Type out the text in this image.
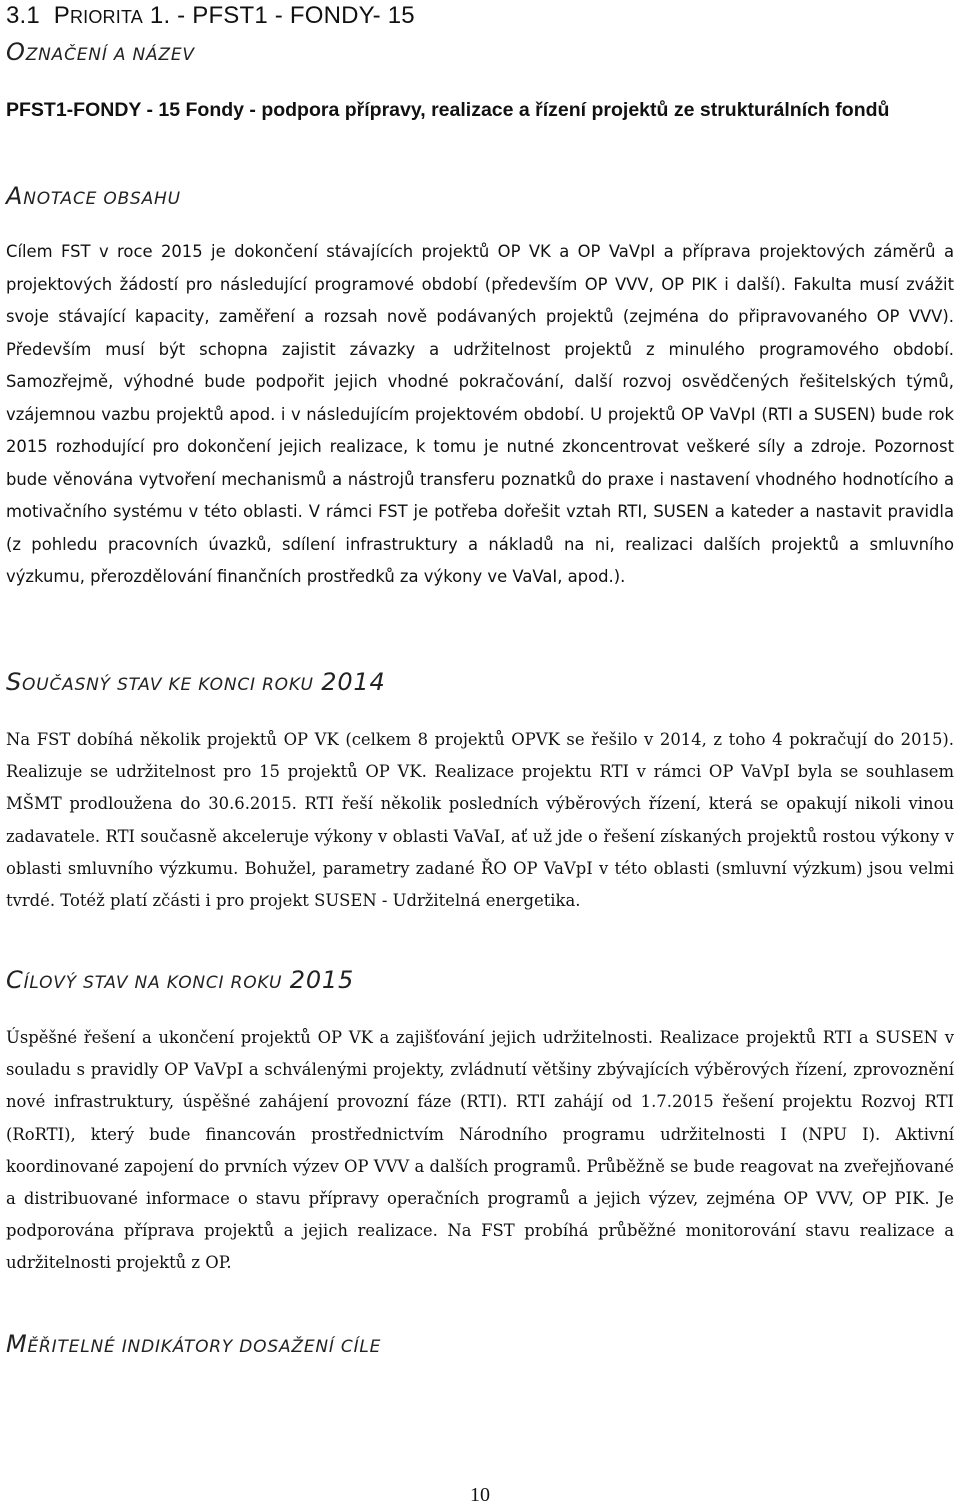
3.1 PRIORITA 1. - PFST1 - FONDY- 15
OZNAČENÍ A NÁZEV
PFST1-FONDY - 15 Fondy - podpora přípravy, realizace a řízení projektů ze strukturálních fondů
ANOTACE OBSAHU
Cílem FST v roce 2015 je dokončení stávajících projektů OP VK a OP VaVpI a příprava projektových záměrů a projektových žádostí pro následující programové období (především OP VVV, OP PIK i další). Fakulta musí zvážit svoje stávající kapacity, zaměření a rozsah nově podávaných projektů (zejména do připravovaného OP VVV). Především musí být schopna zajistit závazky a udržitelnost projektů z minulého programového období. Samozřejmě, výhodné bude podpořit jejich vhodné pokračování, další rozvoj osvědčených řešitelských týmů, vzájemnou vazbu projektů apod. i v následujícím projektovém období. U projektů OP VaVpI (RTI a SUSEN) bude rok 2015 rozhodující pro dokončení jejich realizace, k tomu je nutné zkoncentrovat veškeré síly a zdroje. Pozornost bude věnována vytvoření mechanismů a nástrojů transferu poznatků do praxe i nastavení vhodného hodnotícího a motivačního systému v této oblasti. V rámci FST je potřeba dořešit vztah RTI, SUSEN a kateder a nastavit pravidla (z pohledu pracovních úvazků, sdílení infrastruktury a nákladů na ni, realizaci dalších projektů a smluvního výzkumu, přerozdělování finančních prostředků za výkony ve VaVaI, apod.).
SOUČASNÝ STAV KE KONCI ROKU 2014
Na FST dobíhá několik projektů OP VK (celkem 8 projektů OPVK se řešilo v 2014, z toho 4 pokračují do 2015). Realizuje se udržitelnost pro 15 projektů OP VK. Realizace projektu RTI v rámci OP VaVpI byla se souhlasem MŠMT prodloužena do 30.6.2015. RTI řeší několik posledních výběrových řízení, která se opakují nikoli vinou zadavatele. RTI současně akceleruje výkony v oblasti VaVaI, ať už jde o řešení získaných projektů rostou výkony v oblasti smluvního výzkumu. Bohužel, parametry zadané ŘO OP VaVpI v této oblasti (smluvní výzkum) jsou velmi tvrdé. Totéž platí zčásti i pro projekt SUSEN - Udržitelná energetika.
CÍLOVÝ STAV NA KONCI ROKU 2015
Úspěšné řešení a ukončení projektů OP VK a zajišťování jejich udržitelnosti. Realizace projektů RTI a SUSEN v souladu s pravidly OP VaVpI a schválenými projekty, zvládnutí většiny zbývajících výběrových řízení, zprovoznění nové infrastruktury, úspěšné zahájení provozní fáze (RTI). RTI zahájí od 1.7.2015 řešení projektu Rozvoj RTI (RoRTI), který bude financován prostřednictvím Národního programu udržitelnosti I (NPU I). Aktivní koordinované zapojení do prvních výzev OP VVV a dalších programů. Průběžně se bude reagovat na zveřejňované a distribuované informace o stavu přípravy operačních programů a jejich výzev, zejména OP VVV, OP PIK. Je podporována příprava projektů a jejich realizace. Na FST probíhá průběžné monitorování stavu realizace a udržitelnosti projektů z OP.
MĚŘITELNÉ INDIKÁTORY DOSAŽENÍ CÍLE
10
